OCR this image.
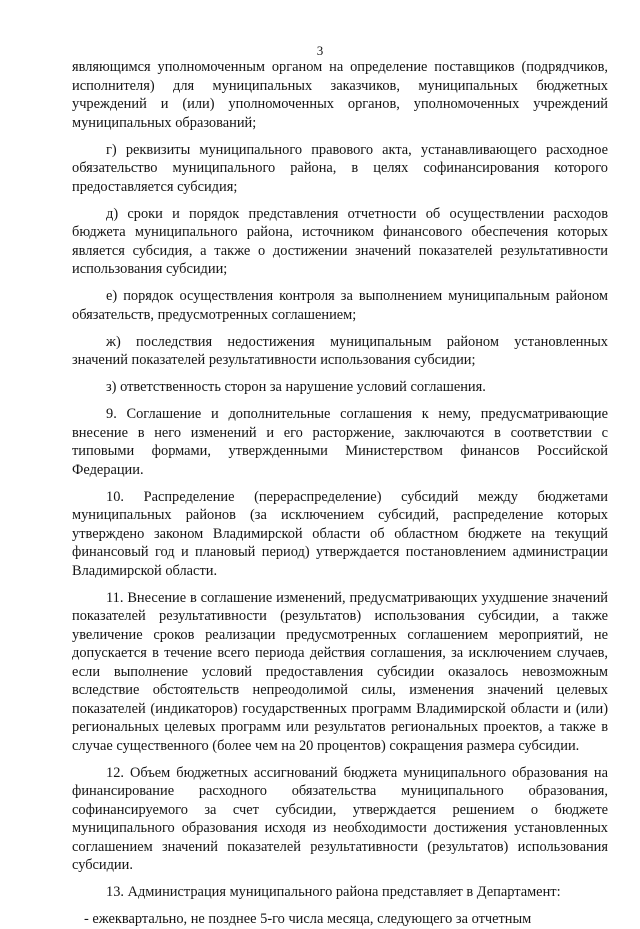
3

являющимся уполномоченным органом на определение поставщиков (подрядчиков, исполнителя) для муниципальных заказчиков, муниципальных бюджетных учреждений и (или) уполномоченных органов, уполномоченных учреждений муниципальных образований;

г) реквизиты муниципального правового акта, устанавливающего расходное обязательство муниципального района, в целях софинансирования которого предоставляется субсидия;

д) сроки и порядок представления отчетности об осуществлении расходов бюджета муниципального района, источником финансового обеспечения которых является субсидия, а также о достижении значений показателей результативности использования субсидии;

е) порядок осуществления контроля за выполнением муниципальным районом обязательств, предусмотренных соглашением;

ж) последствия недостижения муниципальным районом установленных значений показателей результативности использования субсидии;

з) ответственность сторон за нарушение условий соглашения.

9. Соглашение и дополнительные соглашения к нему, предусматривающие внесение в него изменений и его расторжение, заключаются в соответствии с типовыми формами, утвержденными Министерством финансов Российской Федерации.

10. Распределение (перераспределение) субсидий между бюджетами муниципальных районов (за исключением субсидий, распределение которых утверждено законом Владимирской области об областном бюджете на текущий финансовый год и плановый период) утверждается постановлением администрации Владимирской области.

11. Внесение в соглашение изменений, предусматривающих ухудшение значений показателей результативности (результатов) использования субсидии, а также увеличение сроков реализации предусмотренных соглашением мероприятий, не допускается в течение всего периода действия соглашения, за исключением случаев, если выполнение условий предоставления субсидии оказалось невозможным вследствие обстоятельств непреодолимой силы, изменения значений целевых показателей (индикаторов) государственных программ Владимирской области и (или) региональных целевых программ или результатов региональных проектов, а также в случае существенного (более чем на 20 процентов) сокращения размера субсидии.

12. Объем бюджетных ассигнований бюджета муниципального образования на финансирование расходного обязательства муниципального образования, софинансируемого за счет субсидии, утверждается решением о бюджете муниципального образования исходя из необходимости достижения установленных соглашением значений показателей результативности (результатов) использования субсидии.

13. Администрация муниципального района представляет в Департамент:

- ежеквартально, не позднее 5-го числа месяца, следующего за отчетным
